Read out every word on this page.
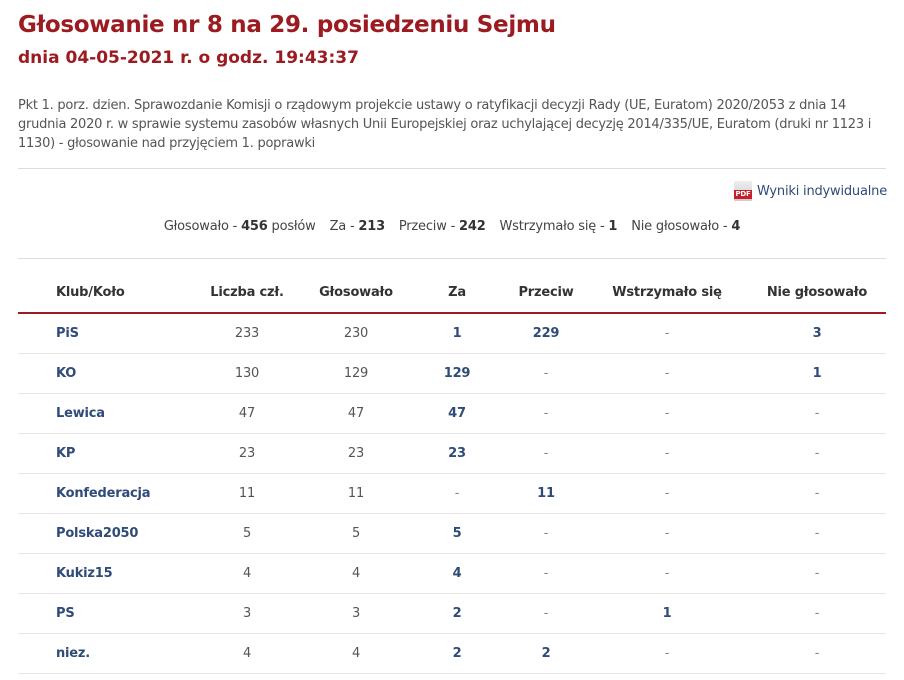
Głosowanie nr 8 na 29. posiedzeniu Sejmu
dnia 04-05-2021 r. o godz. 19:43:37
Pkt 1. porz. dzien. Sprawozdanie Komisji o rządowym projekcie ustawy o ratyfikacji decyzji Rady (UE, Euratom) 2020/2053 z dnia 14 grudnia 2020 r. w sprawie systemu zasobów własnych Unii Europejskiej oraz uchylającej decyzję 2014/335/UE, Euratom (druki nr 1123 i 1130) - głosowanie nad przyjęciem 1. poprawki
PDF Wyniki indywidualne
Głosowało - 456 posłów Za - 213 Przeciw - 242 Wstrzymało się - 1 Nie głosowało - 4
Klub/Koło	Liczba czł.	Głosowało	Za	Przeciw	Wstrzymało się	Nie głosowało
PiS	233	230	1	229	-	3
KO	130	129	129	-	-	1
Lewica	47	47	47	-	-	-
KP	23	23	23	-	-	-
Konfederacja	11	11	-	11	-	-
Polska2050	5	5	5	-	-	-
Kukiz15	4	4	4	-	-	-
PS	3	3	2	-	1	-
niez.	4	4	2	2	-	-
